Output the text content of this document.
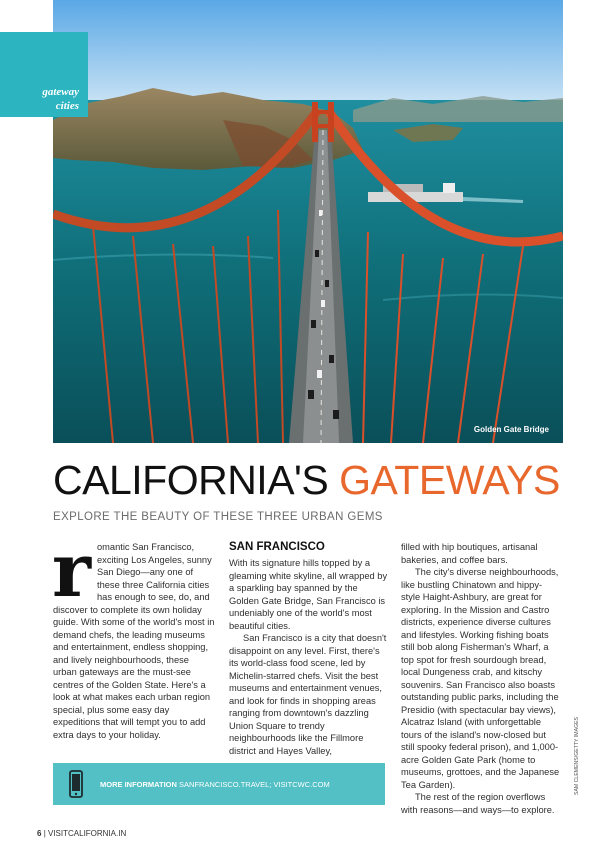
gateway
cities
Golden Gate Bridge
CALIFORNIA'S GATEWAYS
EXPLORE THE BEAUTY OF THESE THREE URBAN GEMS
r omantic San Francisco, exciting Los Angeles, sunny San Diego—any one of these three California cities has enough to see, do, and discover to complete its own holiday guide. With some of the world's most in demand chefs, the leading museums and entertainment, endless shopping, and lively neighbourhoods, these urban gateways are the must-see centres of the Golden State. Here's a look at what makes each urban region special, plus some easy day expeditions that will tempt you to add extra days to your holiday.

SAN FRANCISCO

With its signature hills topped by a gleaming white skyline, all wrapped by a sparkling bay spanned by the Golden Gate Bridge, San Francisco is undeniably one of the world's most beautiful cities.

San Francisco is a city that doesn't disappoint on any level. First, there's its world-class food scene, led by Michelin-starred chefs. Visit the best museums and entertainment venues, and look for finds in shopping areas ranging from downtown's dazzling Union Square to trendy neighbourhoods like the Fillmore district and Hayes Valley,

filled with hip boutiques, artisanal bakeries, and coffee bars.

The city's diverse neighbourhoods, like bustling Chinatown and hippy-style Haight-Ashbury, are great for exploring. In the Mission and Castro districts, experience diverse cultures and lifestyles. Working fishing boats still bob along Fisherman's Wharf, a top spot for fresh sourdough bread, local Dungeness crab, and kitschy souvenirs. San Francisco also boasts outstanding public parks, including the Presidio (with spectacular bay views), Alcatraz Island (with unforgettable tours of the island's now-closed but still spooky federal prison), and 1,000-acre Golden Gate Park (home to museums, grottoes, and the Japanese Tea Garden).

The rest of the region overflows with reasons—and ways—to explore.

MORE INFORMATION SANFRANCISCO.TRAVEL; VISITCWC.COM
6 | VISITCALIFORNIA.IN
SAM CLEMENS/GETTY IMAGES
